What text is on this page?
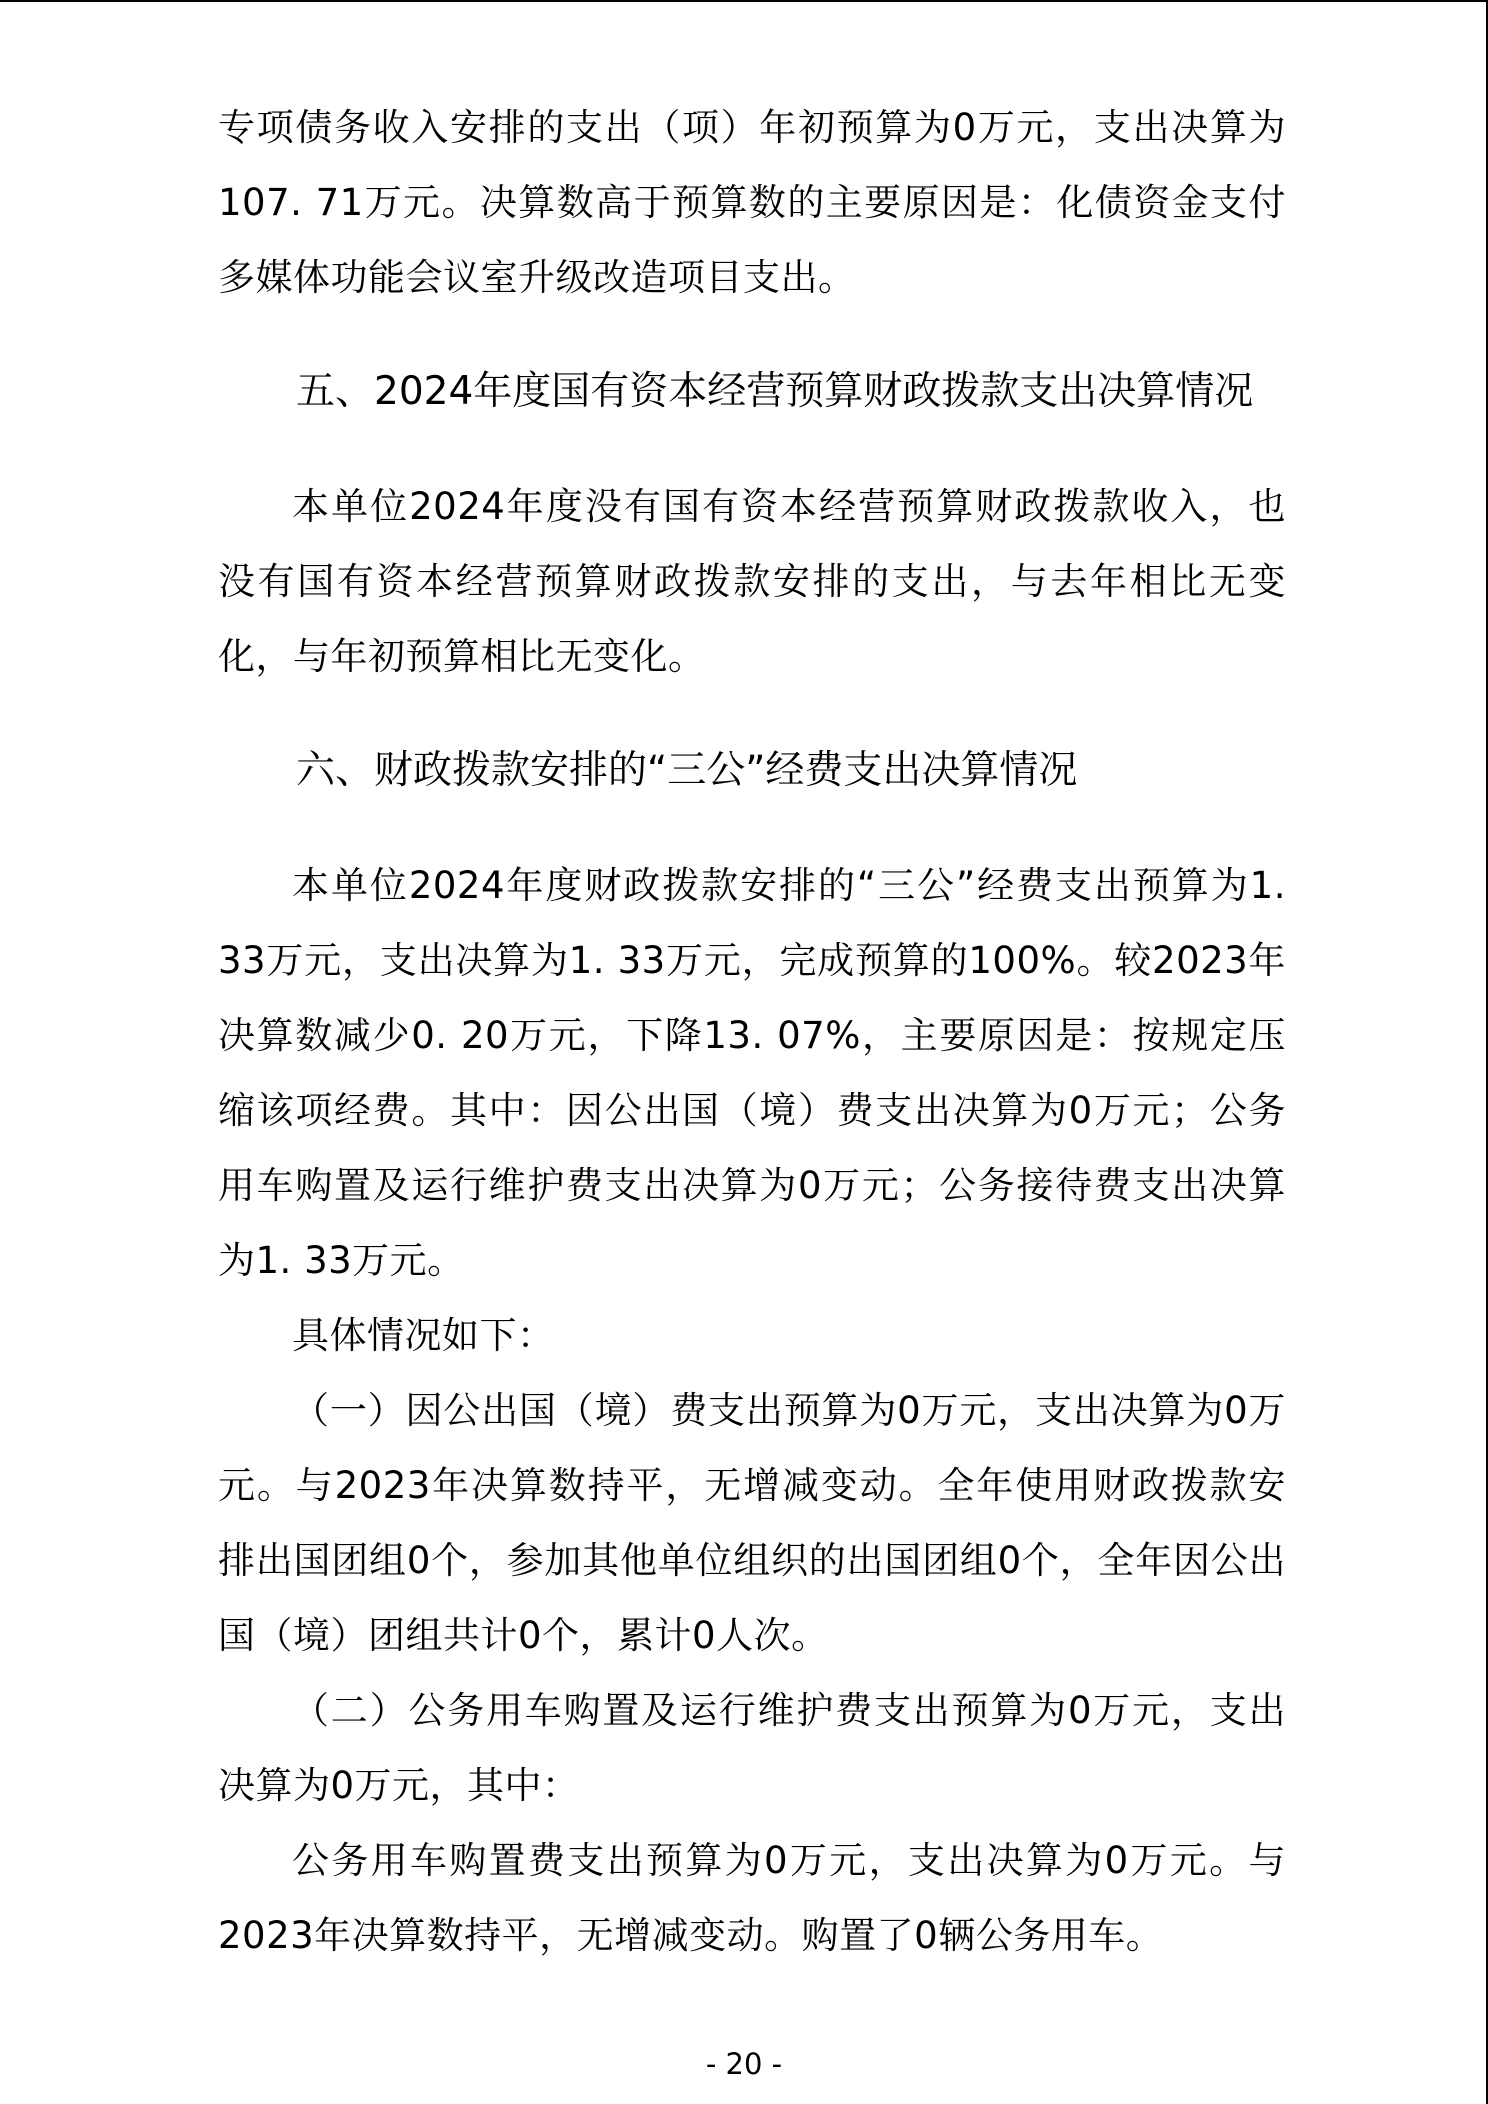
专项债务收入安排的支出（项）年初预算为0万元，支出决算为107. 71万元。决算数高于预算数的主要原因是：化债资金支付多媒体功能会议室升级改造项目支出。

五、2024年度国有资本经营预算财政拨款支出决算情况

本单位2024年度没有国有资本经营预算财政拨款收入，也没有国有资本经营预算财政拨款安排的支出，与去年相比无变化，与年初预算相比无变化。

六、财政拨款安排的“三公”经费支出决算情况

本单位2024年度财政拨款安排的“三公”经费支出预算为1. 33万元，支出决算为1. 33万元，完成预算的100%。较2023年决算数减少0. 20万元，下降13. 07%，主要原因是：按规定压缩该项经费。其中：因公出国（境）费支出决算为0万元；公务用车购置及运行维护费支出决算为0万元；公务接待费支出决算为1. 33万元。

具体情况如下：

（一）因公出国（境）费支出预算为0万元，支出决算为0万元。与2023年决算数持平，无增减变动。全年使用财政拨款安排出国团组0个，参加其他单位组织的出国团组0个，全年因公出国（境）团组共计0个，累计0人次。

（二）公务用车购置及运行维护费支出预算为0万元，支出决算为0万元，其中：

公务用车购置费支出预算为0万元，支出决算为0万元。与2023年决算数持平，无增减变动。购置了0辆公务用车。

- 20 -
